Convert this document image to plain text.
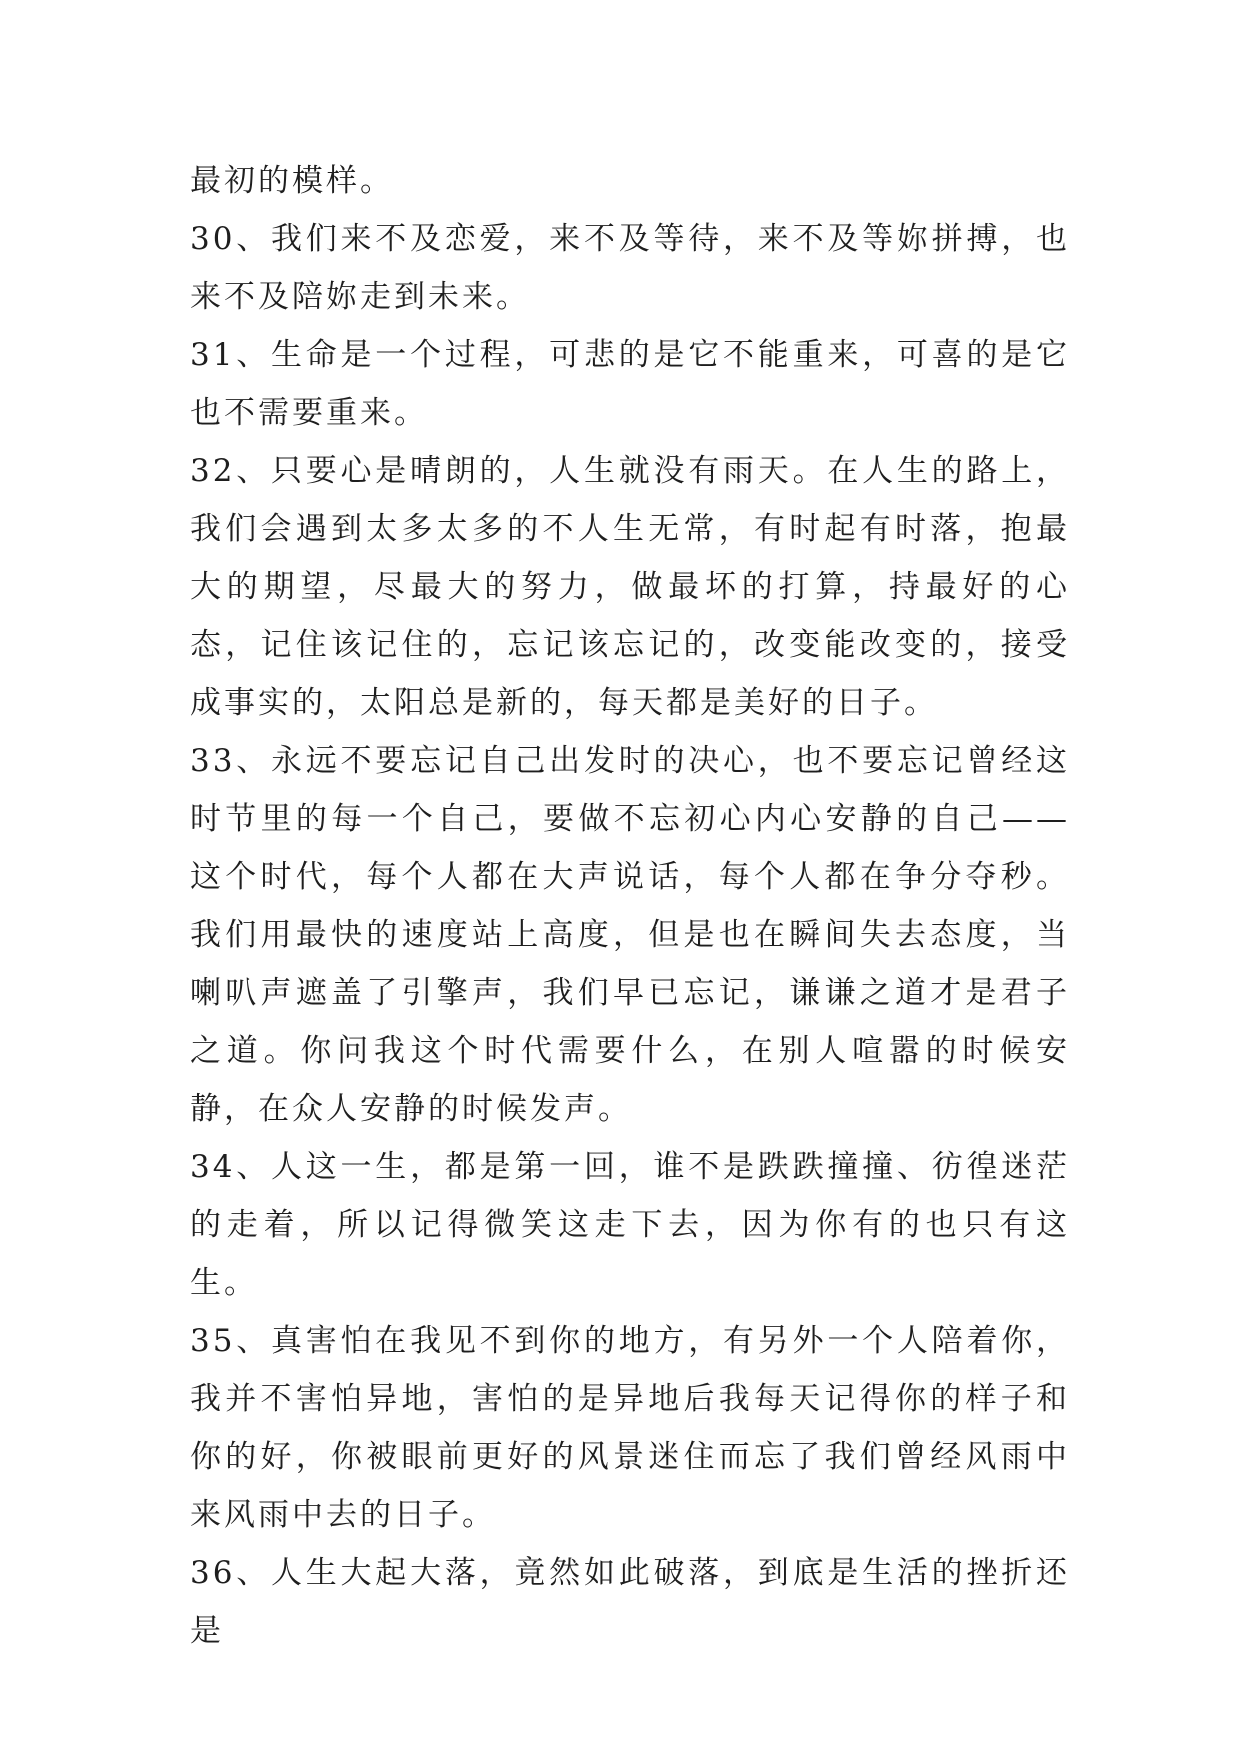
最初的模样。

30、我们来不及恋爱，来不及等待，来不及等妳拼搏，也来不及陪妳走到未来。

31、生命是一个过程，可悲的是它不能重来，可喜的是它也不需要重来。

32、只要心是晴朗的，人生就没有雨天。在人生的路上，我们会遇到太多太多的不人生无常，有时起有时落，抱最大的期望，尽最大的努力，做最坏的打算，持最好的心态，记住该记住的，忘记该忘记的，改变能改变的，接受成事实的，太阳总是新的，每天都是美好的日子。

33、永远不要忘记自己出发时的决心，也不要忘记曾经这时节里的每一个自己，要做不忘初心内心安静的自己——这个时代，每个人都在大声说话，每个人都在争分夺秒。我们用最快的速度站上高度，但是也在瞬间失去态度，当喇叭声遮盖了引擎声，我们早已忘记，谦谦之道才是君子之道。你问我这个时代需要什么，在别人喧嚣的时候安静，在众人安静的时候发声。

34、人这一生，都是第一回，谁不是跌跌撞撞、彷徨迷茫的走着，所以记得微笑这走下去，因为你有的也只有这生。

35、真害怕在我见不到你的地方，有另外一个人陪着你，我并不害怕异地，害怕的是异地后我每天记得你的样子和你的好，你被眼前更好的风景迷住而忘了我们曾经风雨中来风雨中去的日子。

36、人生大起大落，竟然如此破落，到底是生活的挫折还是
